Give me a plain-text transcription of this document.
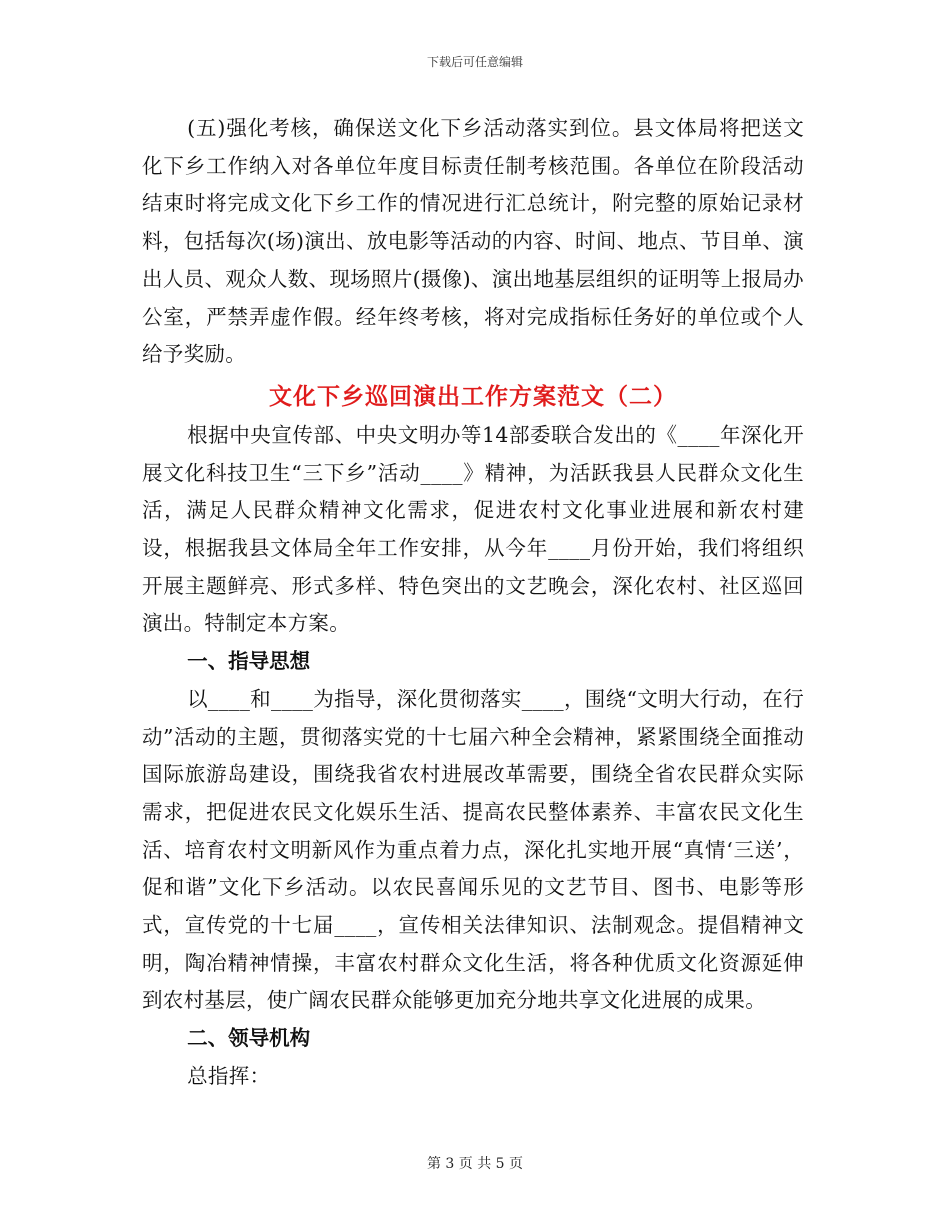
下载后可任意编辑

(五)强化考核，确保送文化下乡活动落实到位。县文体局将把送文化下乡工作纳入对各单位年度目标责任制考核范围。各单位在阶段活动结束时将完成文化下乡工作的情况进行汇总统计，附完整的原始记录材料，包括每次(场)演出、放电影等活动的内容、时间、地点、节目单、演出人员、观众人数、现场照片(摄像)、演出地基层组织的证明等上报局办公室，严禁弄虚作假。经年终考核，将对完成指标任务好的单位或个人给予奖励。

文化下乡巡回演出工作方案范文（二）

根据中央宣传部、中央文明办等14部委联合发出的《____年深化开展文化科技卫生“三下乡”活动____》精神，为活跃我县人民群众文化生活，满足人民群众精神文化需求，促进农村文化事业进展和新农村建设，根据我县文体局全年工作安排，从今年____月份开始，我们将组织开展主题鲜亮、形式多样、特色突出的文艺晚会，深化农村、社区巡回演出。特制定本方案。

一、指导思想

以____和____为指导，深化贯彻落实____，围绕“文明大行动，在行动”活动的主题，贯彻落实党的十七届六种全会精神，紧紧围绕全面推动国际旅游岛建设，围绕我省农村进展改革需要，围绕全省农民群众实际需求，把促进农民文化娱乐生活、提高农民整体素养、丰富农民文化生活、培育农村文明新风作为重点着力点，深化扎实地开展“真情‘三送’，促和谐”文化下乡活动。以农民喜闻乐见的文艺节目、图书、电影等形式，宣传党的十七届____，宣传相关法律知识、法制观念。提倡精神文明，陶冶精神情操，丰富农村群众文化生活，将各种优质文化资源延伸到农村基层，使广阔农民群众能够更加充分地共享文化进展的成果。

二、领导机构

总指挥：

第 3 页 共 5 页
